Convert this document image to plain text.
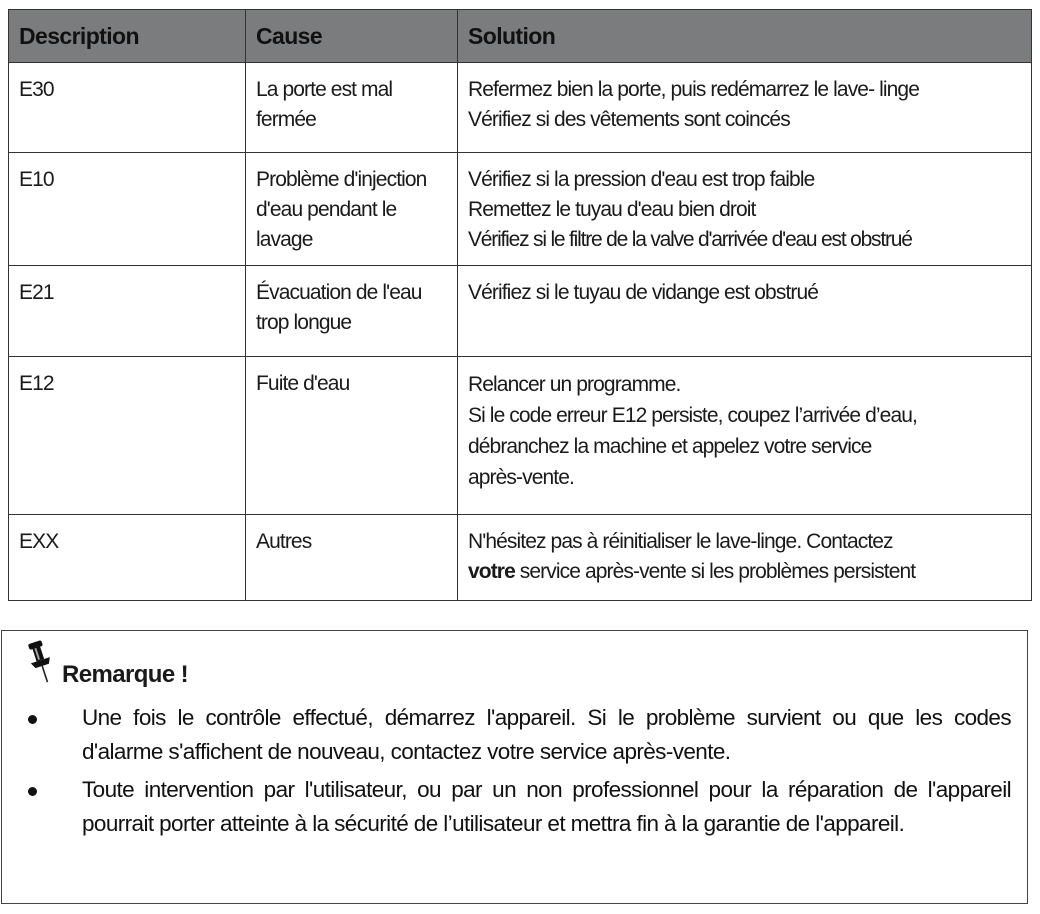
Description	Cause	Solution
E30	La porte est mal fermée	Refermez bien la porte, puis redémarrez le lave- linge
Vérifiez si des vêtements sont coincés

E10	Problème d'injection d'eau pendant le lavage	Vérifiez si la pression d'eau est trop faible
Remettez le tuyau d'eau bien droit
Vérifiez si le filtre de la valve d'arrivée d'eau est obstrué

E21	Évacuation de l'eau trop longue	Vérifiez si le tuyau de vidange est obstrué

E12	Fuite d'eau	Relancer un programme.
Si le code erreur E12 persiste, coupez l’arrivée d’eau,
débranchez la machine et appelez votre service
après-vente.

EXX	Autres	N'hésitez pas à réinitialiser le lave-linge. Contactez
votre service après-vente si les problèmes persistent
Remarque !
Une fois le contrôle effectué, démarrez l'appareil. Si le problème survient ou que les codes d'alarme s'affichent de nouveau, contactez votre service après-vente.
Toute intervention par l'utilisateur, ou par un non professionnel pour la réparation de l'appareil pourrait porter atteinte à la sécurité de l’utilisateur et mettra fin à la garantie de l'appareil.
